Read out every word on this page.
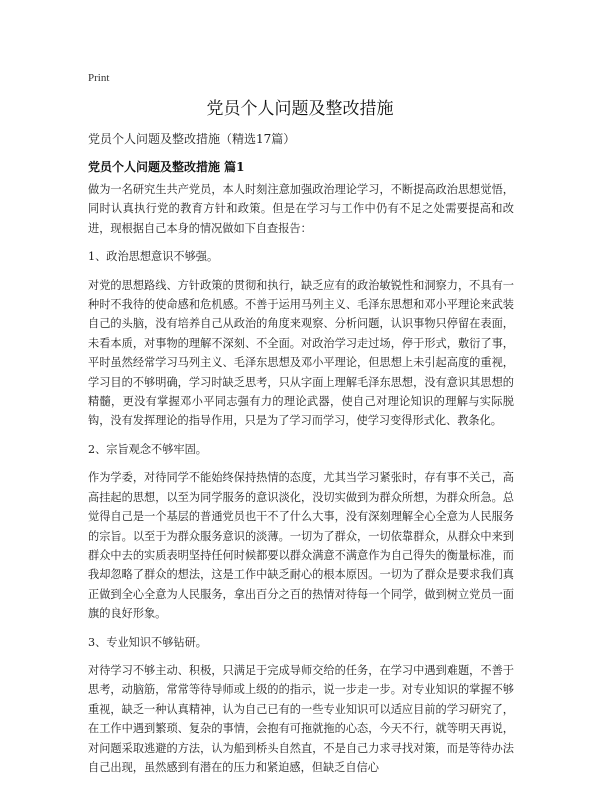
Print
党员个人问题及整改措施
党员个人问题及整改措施（精选17篇）
党员个人问题及整改措施 篇1

做为一名研究生共产党员，本人时刻注意加强政治理论学习，不断提高政治思想觉悟，同时认真执行党的教育方针和政策。但是在学习与工作中仍有不足之处需要提高和改进，现根据自己本身的情况做如下自查报告：

1、政治思想意识不够强。

对党的思想路线、方针政策的贯彻和执行，缺乏应有的政治敏锐性和洞察力，不具有一种时不我待的使命感和危机感。不善于运用马列主义、毛泽东思想和邓小平理论来武装自己的头脑，没有培养自己从政治的角度来观察、分析问题，认识事物只停留在表面，未看本质，对事物的理解不深刻、不全面。对政治学习走过场，停于形式，敷衍了事，平时虽然经常学习马列主义、毛泽东思想及邓小平理论，但思想上未引起高度的重视，学习目的不够明确，学习时缺乏思考，只从字面上理解毛泽东思想，没有意识其思想的精髓，更没有掌握邓小平同志强有力的理论武器，使自己对理论知识的理解与实际脱钩，没有发挥理论的指导作用，只是为了学习而学习，使学习变得形式化、教条化。

2、宗旨观念不够牢固。

作为学委，对待同学不能始终保持热情的态度，尤其当学习紧张时，存有事不关己，高高挂起的思想，以至为同学服务的意识淡化，没切实做到为群众所想，为群众所急。总觉得自己是一个基层的普通党员也干不了什么大事，没有深刻理解全心全意为人民服务的宗旨。以至于为群众服务意识的淡薄。一切为了群众，一切依靠群众，从群众中来到群众中去的实质表明坚持任何时候都要以群众满意不满意作为自己得失的衡量标准，而我却忽略了群众的想法，这是工作中缺乏耐心的根本原因。一切为了群众是要求我们真正做到全心全意为人民服务，拿出百分之百的热情对待每一个同学，做到树立党员一面旗的良好形象。

3、专业知识不够钻研。

对待学习不够主动、积极，只满足于完成导师交给的任务，在学习中遇到难题，不善于思考，动脑筋，常常等待导师或上级的的指示，说一步走一步。对专业知识的掌握不够重视，缺乏一种认真精神，认为自己已有的一些专业知识可以适应目前的学习研究了，在工作中遇到繁琐、复杂的事情，会抱有可拖就拖的心态，今天不行，就等明天再说，对问题采取逃避的方法，认为船到桥头自然直，不是自己力求寻找对策，而是等待办法自己出现，虽然感到有潜在的压力和紧迫感，但缺乏自信心
